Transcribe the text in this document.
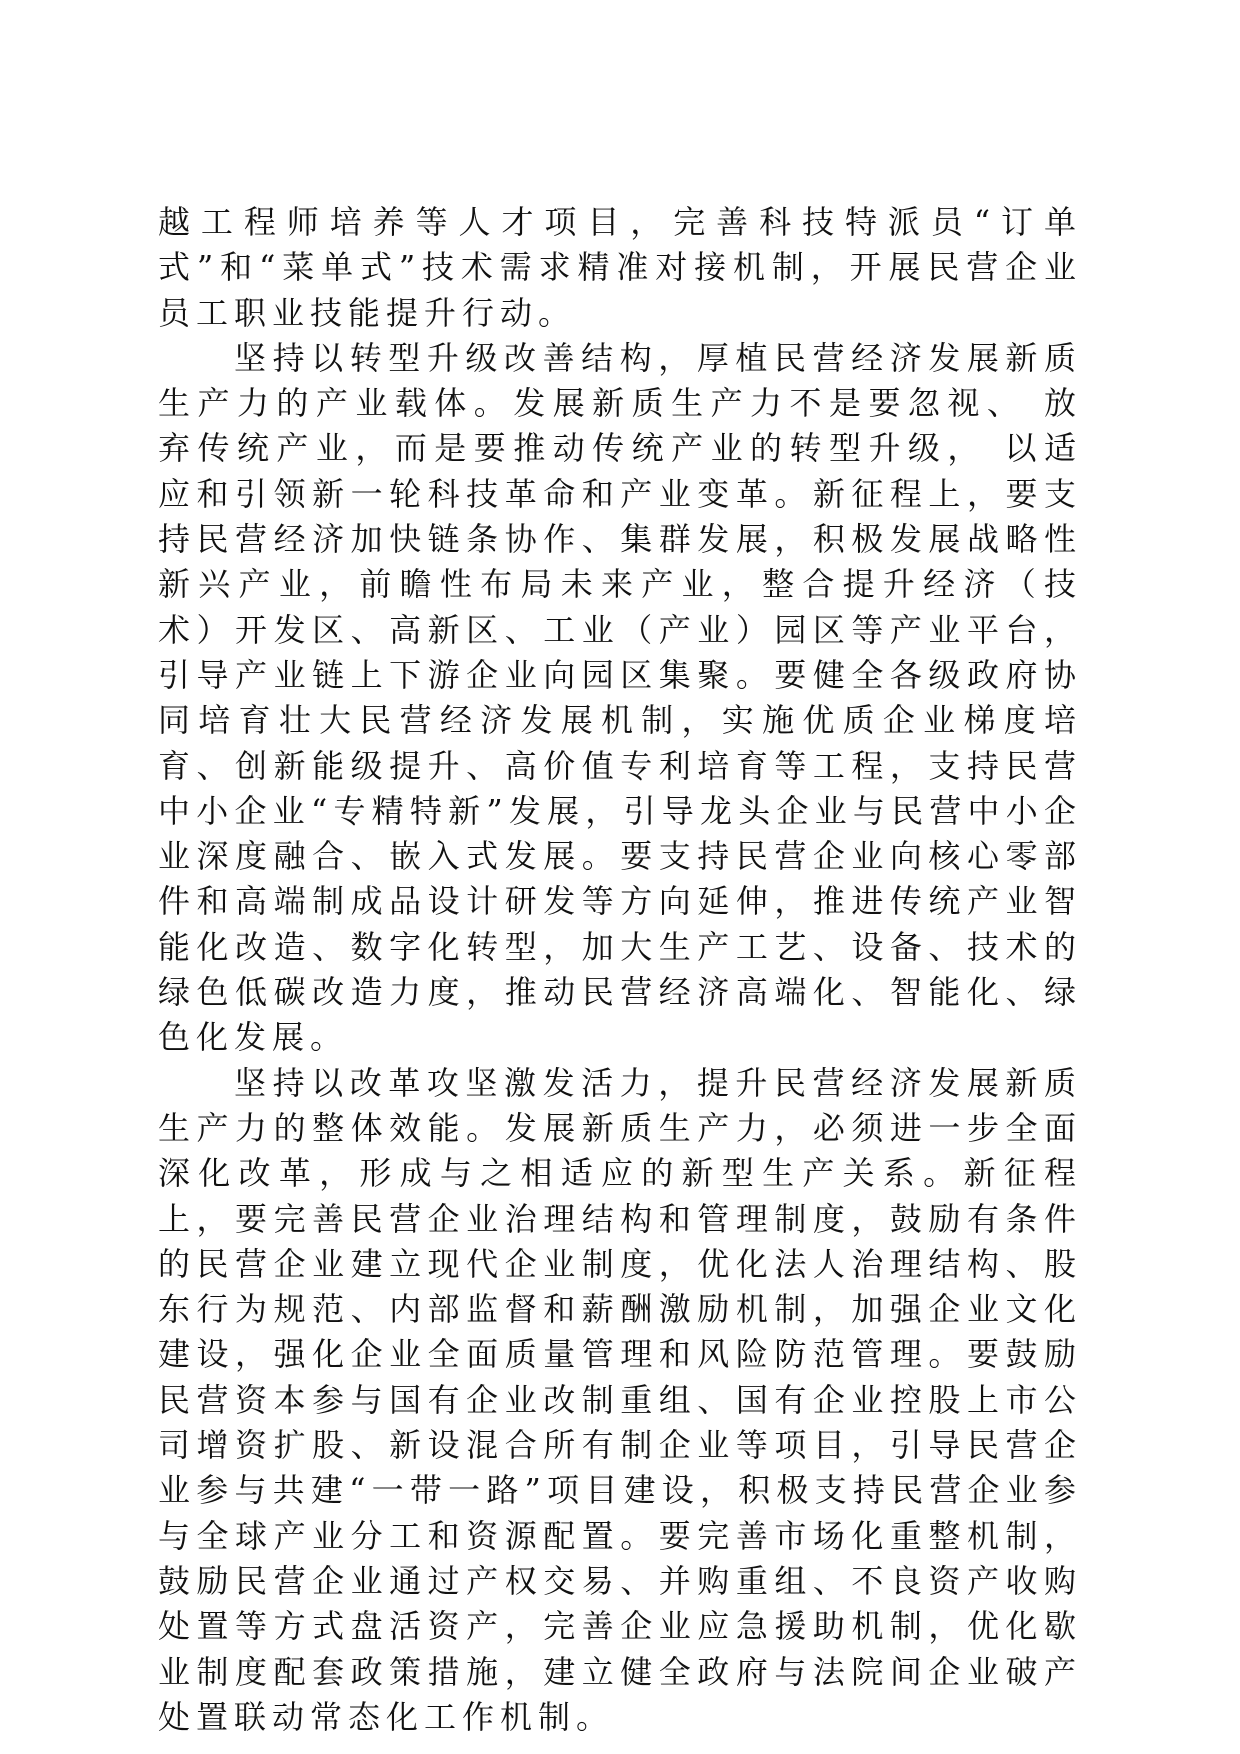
越工程师培养等人才项目，完善科技特派员“订单式”和“菜单式”技术需求精准对接机制，开展民营企业员工职业技能提升行动。

坚持以转型升级改善结构，厚植民营经济发展新质生产力的产业载体。发展新质生产力不是要忽视、 放弃传统产业，而是要推动传统产业的转型升级， 以适应和引领新一轮科技革命和产业变革。新征程上，要支持民营经济加快链条协作、集群发展，积极发展战略性新兴产业，前瞻性布局未来产业，整合提升经济（技术）开发区、高新区、工业（产业）园区等产业平台，引导产业链上下游企业向园区集聚。要健全各级政府协同培育壮大民营经济发展机制，实施优质企业梯度培育、创新能级提升、高价值专利培育等工程，支持民营中小企业“专精特新”发展，引导龙头企业与民营中小企业深度融合、嵌入式发展。要支持民营企业向核心零部件和高端制成品设计研发等方向延伸，推进传统产业智能化改造、数字化转型，加大生产工艺、设备、技术的绿色低碳改造力度，推动民营经济高端化、智能化、绿色化发展。

坚持以改革攻坚激发活力，提升民营经济发展新质生产力的整体效能。发展新质生产力，必须进一步全面深化改革，形成与之相适应的新型生产关系。新征程上，要完善民营企业治理结构和管理制度，鼓励有条件的民营企业建立现代企业制度，优化法人治理结构、股东行为规范、内部监督和薪酬激励机制，加强企业文化建设，强化企业全面质量管理和风险防范管理。要鼓励民营资本参与国有企业改制重组、国有企业控股上市公司增资扩股、新设混合所有制企业等项目，引导民营企业参与共建“一带一路”项目建设，积极支持民营企业参与全球产业分工和资源配置。要完善市场化重整机制，鼓励民营企业通过产权交易、并购重组、不良资产收购处置等方式盘活资产，完善企业应急援助机制，优化歇业制度配套政策措施，建立健全政府与法院间企业破产处置联动常态化工作机制。
